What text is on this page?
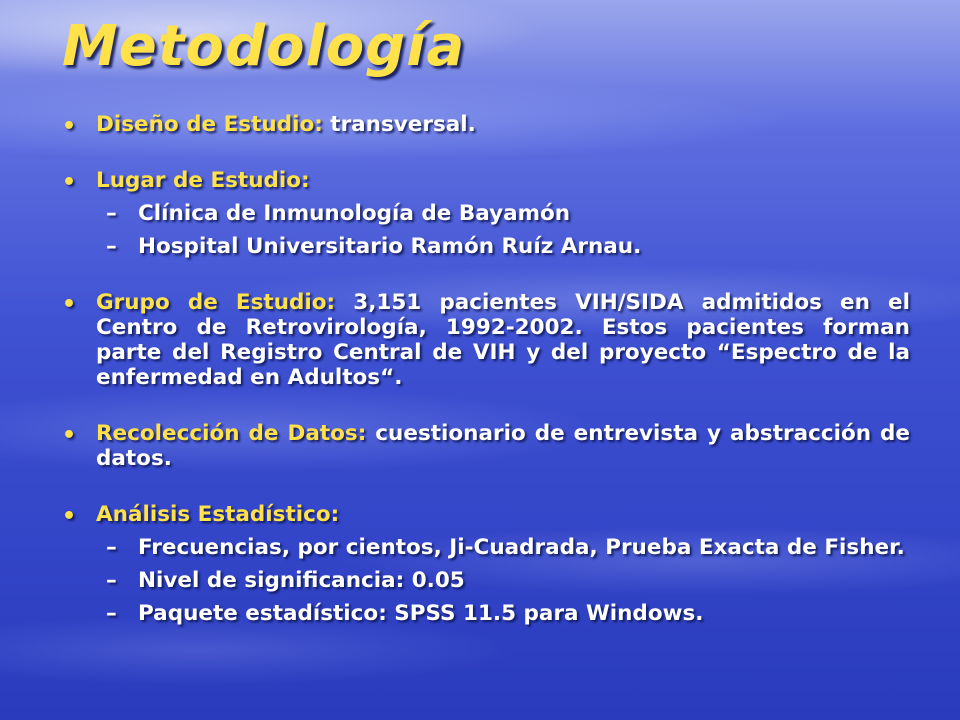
Metodología

• Diseño de Estudio: transversal.

• Lugar de Estudio:

– Clínica de Inmunología de Bayamón

– Hospital Universitario Ramón Ruíz Arnau.

• Grupo de Estudio: 3,151 pacientes VIH/SIDA admitidos en el Centro de Retrovirología, 1992-2002. Estos pacientes forman parte del Registro Central de VIH y del proyecto “Espectro de la enfermedad en Adultos“.

• Recolección de Datos: cuestionario de entrevista y abstracción de datos.

• Análisis Estadístico:

– Frecuencias, por cientos, Ji-Cuadrada, Prueba Exacta de Fisher.

– Nivel de significancia: 0.05

– Paquete estadístico: SPSS 11.5 para Windows.
